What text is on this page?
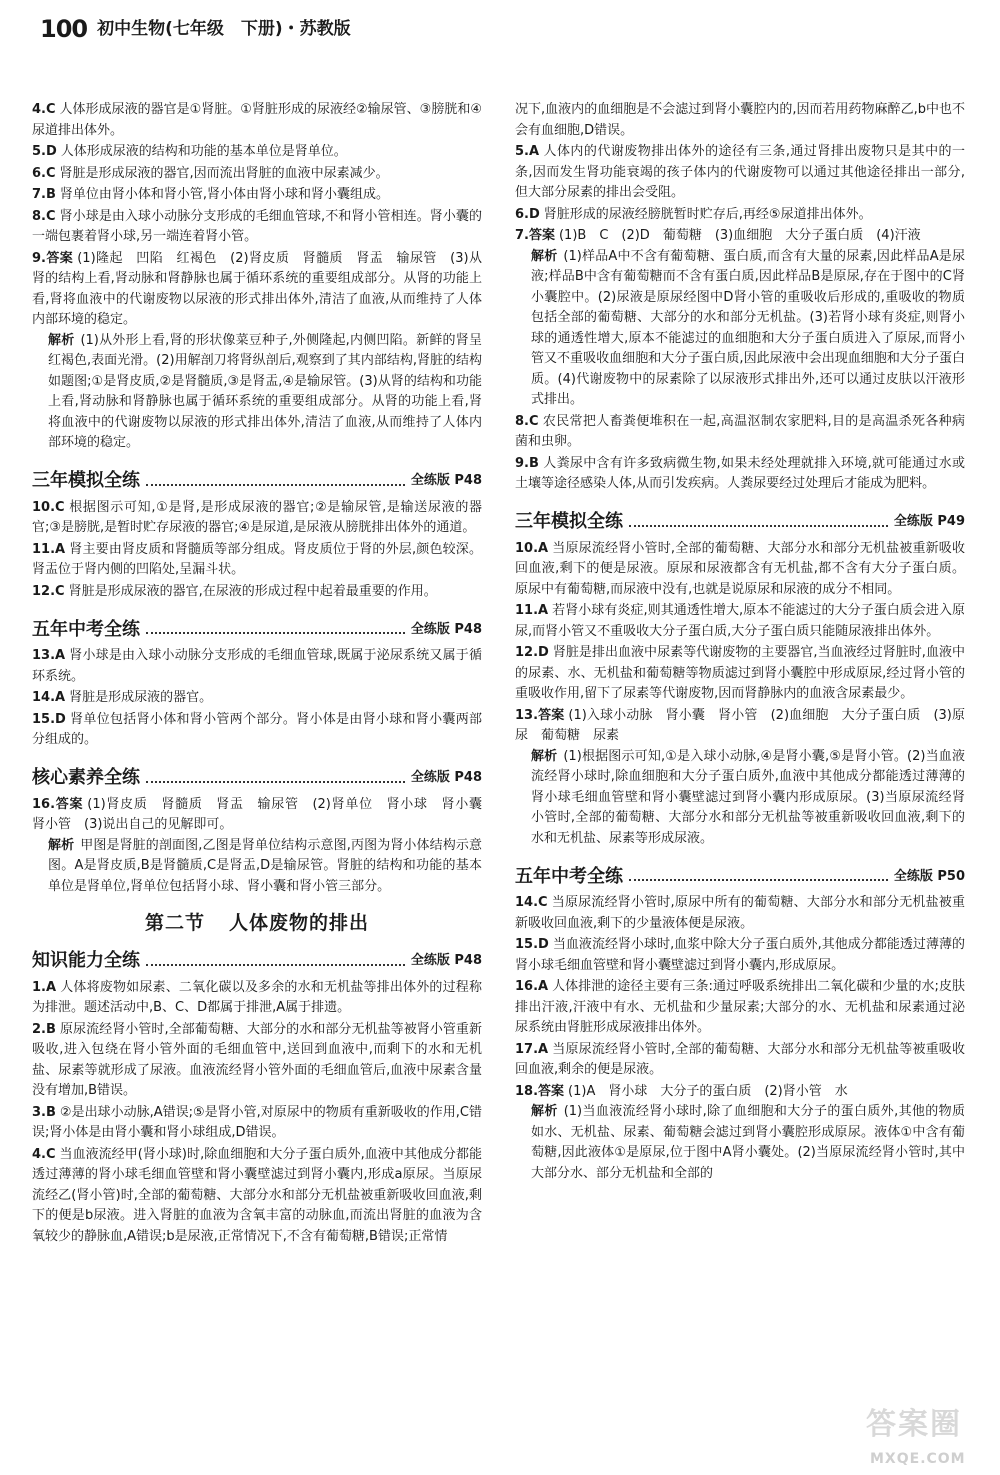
100 初中生物(七年级　下册)・苏教版
4.C 人体形成尿液的器官是①肾脏。①肾脏形成的尿液经②输尿管、③膀胱和④尿道排出体外。
5.D 人体形成尿液的结构和功能的基本单位是肾单位。
6.C 肾脏是形成尿液的器官,因而流出肾脏的血液中尿素减少。
7.B 肾单位由肾小体和肾小管,肾小体由肾小球和肾小囊组成。
8.C 肾小球是由入球小动脉分支形成的毛细血管球,不和肾小管相连。肾小囊的一端包裹着肾小球,另一端连着肾小管。
9.答案 (1)隆起　凹陷　红褐色　(2)肾皮质　肾髓质　肾盂　输尿管　(3)从肾的结构上看,肾动脉和肾静脉也属于循环系统的重要组成部分。从肾的功能上看,肾将血液中的代谢废物以尿液的形式排出体外,清洁了血液,从而维持了人体内部环境的稳定。
解析 (1)从外形上看,肾的形状像菜豆种子,外侧隆起,内侧凹陷。新鲜的肾呈红褐色,表面光滑。(2)用解剖刀将肾纵剖后,观察到了其内部结构,肾脏的结构如题图;①是肾皮质,②是肾髓质,③是肾盂,④是输尿管。(3)从肾的结构和功能上看,肾动脉和肾静脉也属于循环系统的重要组成部分。从肾的功能上看,肾将血液中的代谢废物以尿液的形式排出体外,清洁了血液,从而维持了人体内部环境的稳定。
三年模拟全练	全练版 P48
10.C 根据图示可知,①是肾,是形成尿液的器官;②是输尿管,是输送尿液的器官;③是膀胱,是暂时贮存尿液的器官;④是尿道,是尿液从膀胱排出体外的通道。
11.A 肾主要由肾皮质和肾髓质等部分组成。肾皮质位于肾的外层,颜色较深。肾盂位于肾内侧的凹陷处,呈漏斗状。
12.C 肾脏是形成尿液的器官,在尿液的形成过程中起着最重要的作用。
五年中考全练	全练版 P48
13.A 肾小球是由入球小动脉分支形成的毛细血管球,既属于泌尿系统又属于循环系统。
14.A 肾脏是形成尿液的器官。
15.D 肾单位包括肾小体和肾小管两个部分。肾小体是由肾小球和肾小囊两部分组成的。
核心素养全练	全练版 P48
16.答案 (1)肾皮质　肾髓质　肾盂　输尿管　(2)肾单位　肾小球　肾小囊　肾小管　(3)说出自己的见解即可。
解析 甲图是肾脏的剖面图,乙图是肾单位结构示意图,丙图为肾小体结构示意图。A是肾皮质,B是肾髓质,C是肾盂,D是输尿管。肾脏的结构和功能的基本单位是肾单位,肾单位包括肾小球、肾小囊和肾小管三部分。
第二节 人体废物的排出
知识能力全练	全练版 P48
1.A 人体将废物如尿素、二氧化碳以及多余的水和无机盐等排出体外的过程称为排泄。题述活动中,B、C、D都属于排泄,A属于排遗。
2.B 原尿流经肾小管时,全部葡萄糖、大部分的水和部分无机盐等被肾小管重新吸收,进入包绕在肾小管外面的毛细血管中,送回到血液中,而剩下的水和无机盐、尿素等就形成了尿液。血液流经肾小管外面的毛细血管后,血液中尿素含量没有增加,B错误。
3.B ②是出球小动脉,A错误;⑤是肾小管,对原尿中的物质有重新吸收的作用,C错误;肾小体是由肾小囊和肾小球组成,D错误。
4.C 当血液流经甲(肾小球)时,除血细胞和大分子蛋白质外,血液中其他成分都能透过薄薄的肾小球毛细血管壁和肾小囊壁滤过到肾小囊内,形成a原尿。当原尿流经乙(肾小管)时,全部的葡萄糖、大部分水和部分无机盐被重新吸收回血液,剩下的便是b尿液。进入肾脏的血液为含氧丰富的动脉血,而流出肾脏的血液为含氧较少的静脉血,A错误;b是尿液,正常情况下,不含有葡萄糖,B错误;正常情
况下,血液内的血细胞是不会滤过到肾小囊腔内的,因而若用药物麻醉乙,b中也不会有血细胞,D错误。
5.A 人体内的代谢废物排出体外的途径有三条,通过肾排出废物只是其中的一条,因而发生肾功能衰竭的孩子体内的代谢废物可以通过其他途径排出一部分,但大部分尿素的排出会受阻。
6.D 肾脏形成的尿液经膀胱暂时贮存后,再经⑤尿道排出体外。
7.答案 (1)B　C　(2)D　葡萄糖　(3)血细胞　大分子蛋白质　(4)汗液
解析 (1)样品A中不含有葡萄糖、蛋白质,而含有大量的尿素,因此样品A是尿液;样品B中含有葡萄糖而不含有蛋白质,因此样品B是原尿,存在于图中的C肾小囊腔中。(2)尿液是原尿经图中D肾小管的重吸收后形成的,重吸收的物质包括全部的葡萄糖、大部分的水和部分无机盐。(3)若肾小球有炎症,则肾小球的通透性增大,原本不能滤过的血细胞和大分子蛋白质进入了原尿,而肾小管又不重吸收血细胞和大分子蛋白质,因此尿液中会出现血细胞和大分子蛋白质。(4)代谢废物中的尿素除了以尿液形式排出外,还可以通过皮肤以汗液形式排出。
8.C 农民常把人畜粪便堆积在一起,高温沤制农家肥料,目的是高温杀死各种病菌和虫卵。
9.B 人粪尿中含有许多致病微生物,如果未经处理就排入环境,就可能通过水或土壤等途径感染人体,从而引发疾病。人粪尿要经过处理后才能成为肥料。
三年模拟全练	全练版 P49
10.A 当原尿流经肾小管时,全部的葡萄糖、大部分水和部分无机盐被重新吸收回血液,剩下的便是尿液。原尿和尿液都含有无机盐,都不含有大分子蛋白质。原尿中有葡萄糖,而尿液中没有,也就是说原尿和尿液的成分不相同。
11.A 若肾小球有炎症,则其通透性增大,原本不能滤过的大分子蛋白质会进入原尿,而肾小管又不重吸收大分子蛋白质,大分子蛋白质只能随尿液排出体外。
12.D 肾脏是排出血液中尿素等代谢废物的主要器官,当血液经过肾脏时,血液中的尿素、水、无机盐和葡萄糖等物质滤过到肾小囊腔中形成原尿,经过肾小管的重吸收作用,留下了尿素等代谢废物,因而肾静脉内的血液含尿素最少。
13.答案 (1)入球小动脉　肾小囊　肾小管　(2)血细胞　大分子蛋白质　(3)原尿　葡萄糖　尿素
解析 (1)根据图示可知,①是入球小动脉,④是肾小囊,⑤是肾小管。(2)当血液流经肾小球时,除血细胞和大分子蛋白质外,血液中其他成分都能透过薄薄的肾小球毛细血管壁和肾小囊壁滤过到肾小囊内形成原尿。(3)当原尿流经肾小管时,全部的葡萄糖、大部分水和部分无机盐等被重新吸收回血液,剩下的水和无机盐、尿素等形成尿液。
五年中考全练	全练版 P50
14.C 当原尿流经肾小管时,原尿中所有的葡萄糖、大部分水和部分无机盐被重新吸收回血液,剩下的少量液体便是尿液。
15.D 当血液流经肾小球时,血浆中除大分子蛋白质外,其他成分都能透过薄薄的肾小球毛细血管壁和肾小囊壁滤过到肾小囊内,形成原尿。
16.A 人体排泄的途径主要有三条:通过呼吸系统排出二氧化碳和少量的水;皮肤排出汗液,汗液中有水、无机盐和少量尿素;大部分的水、无机盐和尿素通过泌尿系统由肾脏形成尿液排出体外。
17.A 当原尿流经肾小管时,全部的葡萄糖、大部分水和部分无机盐等被重吸收回血液,剩余的便是尿液。
18.答案 (1)A　肾小球　大分子的蛋白质　(2)肾小管　水
解析 (1)当血液流经肾小球时,除了血细胞和大分子的蛋白质外,其他的物质如水、无机盐、尿素、葡萄糖会滤过到肾小囊腔形成原尿。液体①中含有葡萄糖,因此液体①是原尿,位于图中A肾小囊处。(2)当原尿流经肾小管时,其中大部分水、部分无机盐和全部的
答案圈
MXQE.COM
